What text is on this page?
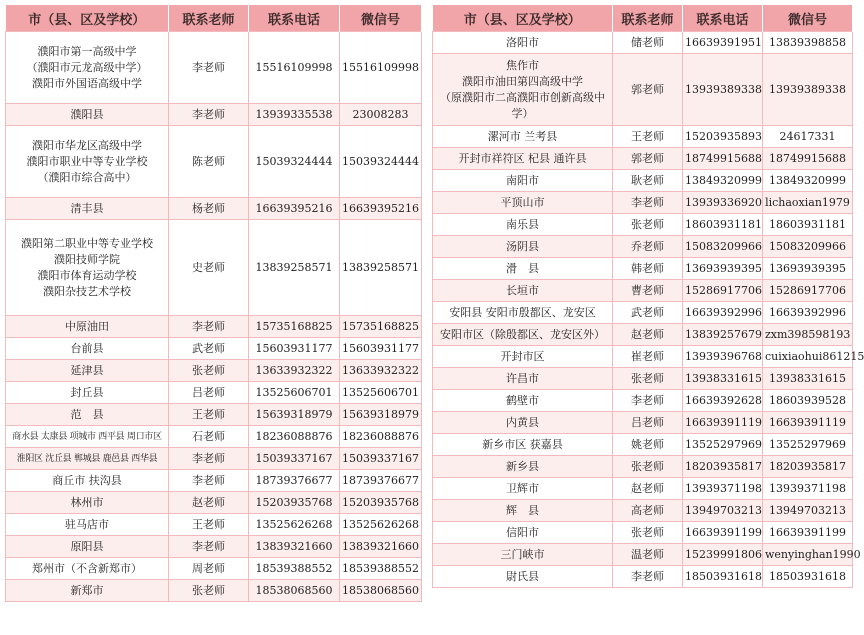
市（县、区及学校）	联系老师	联系电话	微信号
濮阳市第一高级中学
（濮阳市元龙高级中学）
濮阳市外国语高级中学	李老师	15516109998	15516109998
濮阳县	李老师	13939335538	23008283
濮阳市华龙区高级中学
濮阳市职业中等专业学校
（濮阳市综合高中）	陈老师	15039324444	15039324444
清丰县	杨老师	16639395216	16639395216
濮阳第二职业中等专业学校
濮阳技师学院
濮阳市体育运动学校
濮阳杂技艺术学校	史老师	13839258571	13839258571
中原油田	李老师	15735168825	15735168825
台前县	武老师	15603931177	15603931177
延津县	张老师	13633932322	13633932322
封丘县	吕老师	13525606701	13525606701
范　县	王老师	15639318979	15639318979
商水县 太康县 项城市 西平县 周口市区	石老师	18236088876	18236088876
淮阳区 沈丘县 郸城县 鹿邑县 西华县	李老师	15039337167	15039337167
商丘市 扶沟县	李老师	18739376677	18739376677
林州市	赵老师	15203935768	15203935768
驻马店市	王老师	13525626268	13525626268
原阳县	李老师	13839321660	13839321660
郑州市（不含新郑市）	周老师	18539388552	18539388552
新郑市	张老师	18538068560	18538068560
市（县、区及学校）	联系老师	联系电话	微信号
洛阳市	储老师	16639391951	13839398858
焦作市
濮阳市油田第四高级中学
（原濮阳市二高濮阳市创新高级中学）	郭老师	13939389338	13939389338
漯河市 兰考县	王老师	15203935893	24617331
开封市祥符区 杞县 通许县	郭老师	18749915688	18749915688
南阳市	耿老师	13849320999	13849320999
平顶山市	李老师	13939336920	lichaoxian1979
南乐县	张老师	18603931181	18603931181
汤阴县	乔老师	15083209966	15083209966
滑　县	韩老师	13693939395	13693939395
长垣市	曹老师	15286917706	15286917706
安阳县 安阳市殷都区、龙安区	武老师	16639392996	16639392996
安阳市区（除殷都区、龙安区外）	赵老师	13839257679	zxm398598193
开封市区	崔老师	13939396768	cuixiaohui861215
许昌市	张老师	13938331615	13938331615
鹤壁市	李老师	16639392628	18603939528
内黄县	吕老师	16639391119	16639391119
新乡市区 获嘉县	姚老师	13525297969	13525297969
新乡县	张老师	18203935817	18203935817
卫辉市	赵老师	13939371198	13939371198
辉　县	高老师	13949703213	13949703213
信阳市	张老师	16639391199	16639391199
三门峡市	温老师	15239991806	wenyinghan1990
尉氏县	李老师	18503931618	18503931618
